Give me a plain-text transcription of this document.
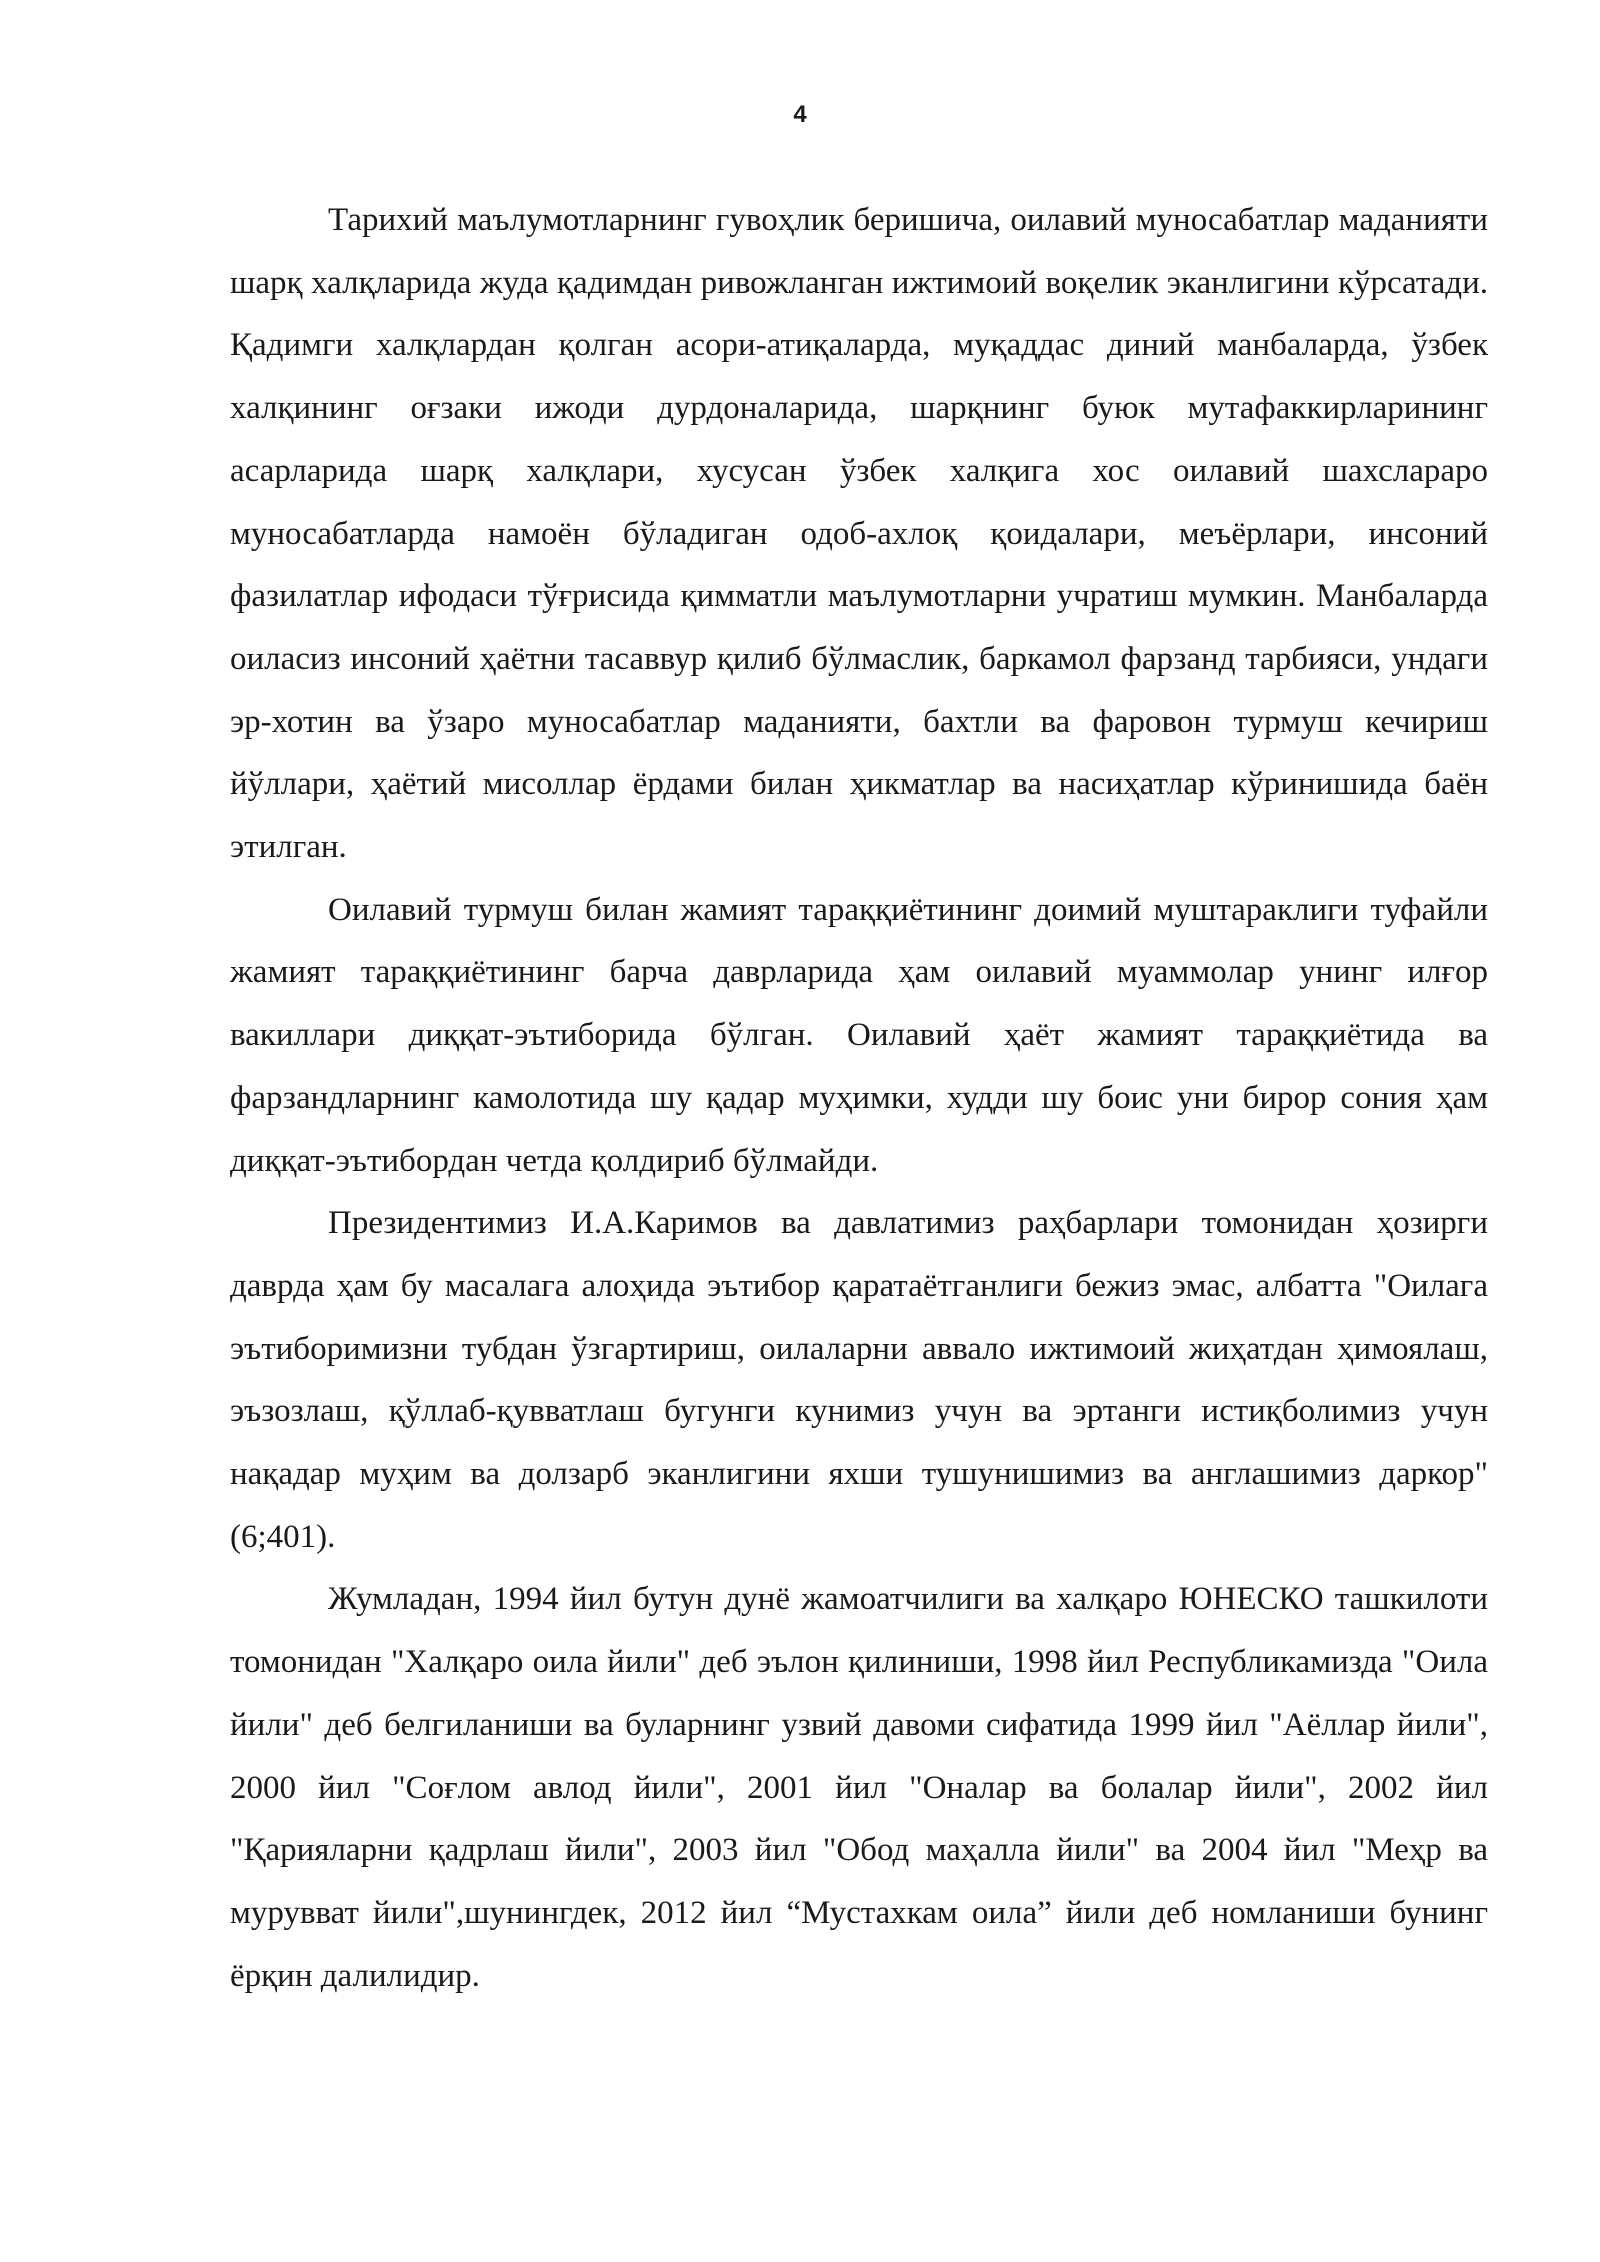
4

Тарихий маълумотларнинг гувоҳлик беришича, оилавий муносабатлар маданияти шарқ халқларида жуда қадимдан ривожланган ижтимоий воқелик эканлигини кўрсатади. Қадимги халқлардан қолган асори-атиқаларда, муқаддас диний манбаларда, ўзбек халқининг оғзаки ижоди дурдоналарида, шарқнинг буюк мутафаккирларининг асарларида шарқ халқлари, хусусан ўзбек халқига хос оилавий шахслараро муносабатларда намоён бўладиган одоб-ахлоқ қоидалари, меъёрлари, инсоний фазилатлар ифодаси тўғрисида қимматли маълумотларни учратиш мумкин. Манбаларда оиласиз инсоний ҳаётни тасаввур қилиб бўлмаслик, баркамол фарзанд тарбияси, ундаги эр-хотин ва ўзаро муносабатлар маданияти, бахтли ва фаровон турмуш кечириш йўллари, ҳаётий мисоллар ёрдами билан ҳикматлар ва насиҳатлар кўринишида баён этилган.

Оилавий турмуш билан жамият тараққиётининг доимий муштараклиги туфайли жамият тараққиётининг барча даврларида ҳам оилавий муаммолар унинг илғор вакиллари диққат-эътиборида бўлган. Оилавий ҳаёт жамият тараққиётида ва фарзандларнинг камолотида шу қадар муҳимки, худди шу боис уни бирор сония ҳам диққат-эътибордан четда қолдириб бўлмайди.

Президентимиз И.А.Каримов ва давлатимиз раҳбарлари томонидан ҳозирги даврда ҳам бу масалага алоҳида эътибор қаратаётганлиги бежиз эмас, албатта "Оилага эътиборимизни тубдан ўзгартириш, оилаларни аввало ижтимоий жиҳатдан ҳимоялаш, эъзозлаш, қўллаб-қувватлаш бугунги кунимиз учун ва эртанги истиқболимиз учун нақадар муҳим ва долзарб эканлигини яхши тушунишимиз ва англашимиз даркор" (6;401).

Жумладан, 1994 йил бутун дунё жамоатчилиги ва халқаро ЮНЕСКО ташкилоти томонидан "Халқаро оила йили" деб эълон қилиниши, 1998 йил Республикамизда "Оила йили" деб белгиланиши ва буларнинг узвий давоми сифатида 1999 йил "Аёллар йили", 2000 йил "Соғлом авлод йили", 2001 йил "Оналар ва болалар йили", 2002 йил "Қарияларни қадрлаш йили", 2003 йил "Обод маҳалла йили" ва 2004 йил "Меҳр ва мурувват йили",шунингдек, 2012 йил “Мустахкам оила” йили деб номланиши бунинг ёрқин далилидир.
